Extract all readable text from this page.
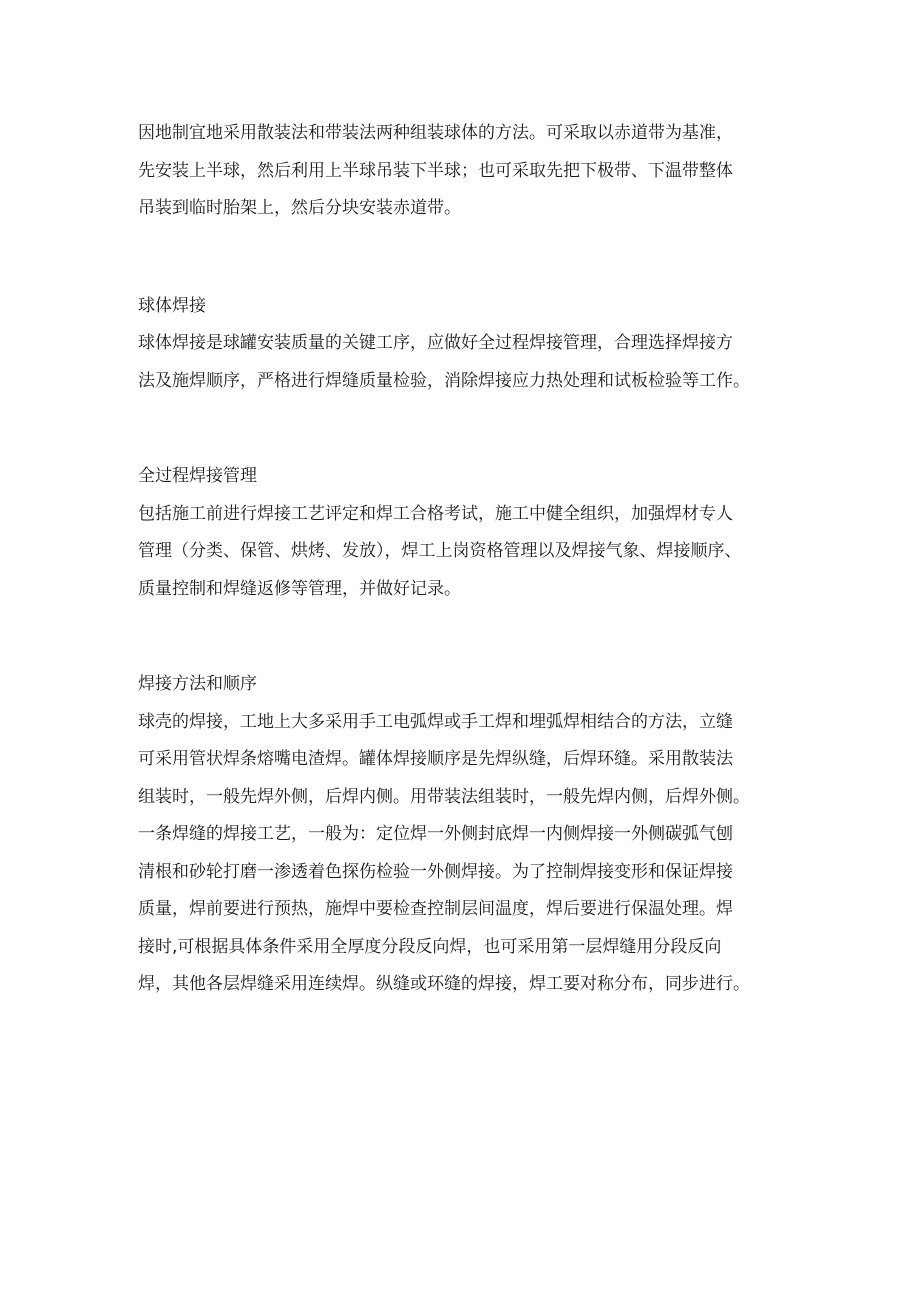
因地制宜地采用散装法和带装法两种组装球体的方法。可采取以赤道带为基准，
先安装上半球，然后利用上半球吊装下半球；也可采取先把下极带、下温带整体
吊装到临时胎架上，然后分块安装赤道带。

球体焊接

球体焊接是球罐安装质量的关键工序，应做好全过程焊接管理，合理选择焊接方
法及施焊顺序，严格进行焊缝质量检验，消除焊接应力热处理和试板检验等工作。

全过程焊接管理

包括施工前进行焊接工艺评定和焊工合格考试，施工中健全组织，加强焊材专人
管理（分类、保管、烘烤、发放），焊工上岗资格管理以及焊接气象、焊接顺序、
质量控制和焊缝返修等管理，并做好记录。

焊接方法和顺序

球壳的焊接，工地上大多采用手工电弧焊或手工焊和埋弧焊相结合的方法，立缝
可采用管状焊条熔嘴电渣焊。罐体焊接顺序是先焊纵缝，后焊环缝。采用散装法
组装时，一般先焊外侧，后焊内侧。用带装法组装时，一般先焊内侧，后焊外侧。
一条焊缝的焊接工艺，一般为：定位焊一外侧封底焊一内侧焊接一外侧碳弧气刨
清根和砂轮打磨一渗透着色探伤检验一外侧焊接。为了控制焊接变形和保证焊接
质量，焊前要进行预热，施焊中要检查控制层间温度，焊后要进行保温处理。焊
接时,可根据具体条件采用全厚度分段反向焊，也可采用第一层焊缝用分段反向
焊，其他各层焊缝采用连续焊。纵缝或环缝的焊接，焊工要对称分布，同步进行。
